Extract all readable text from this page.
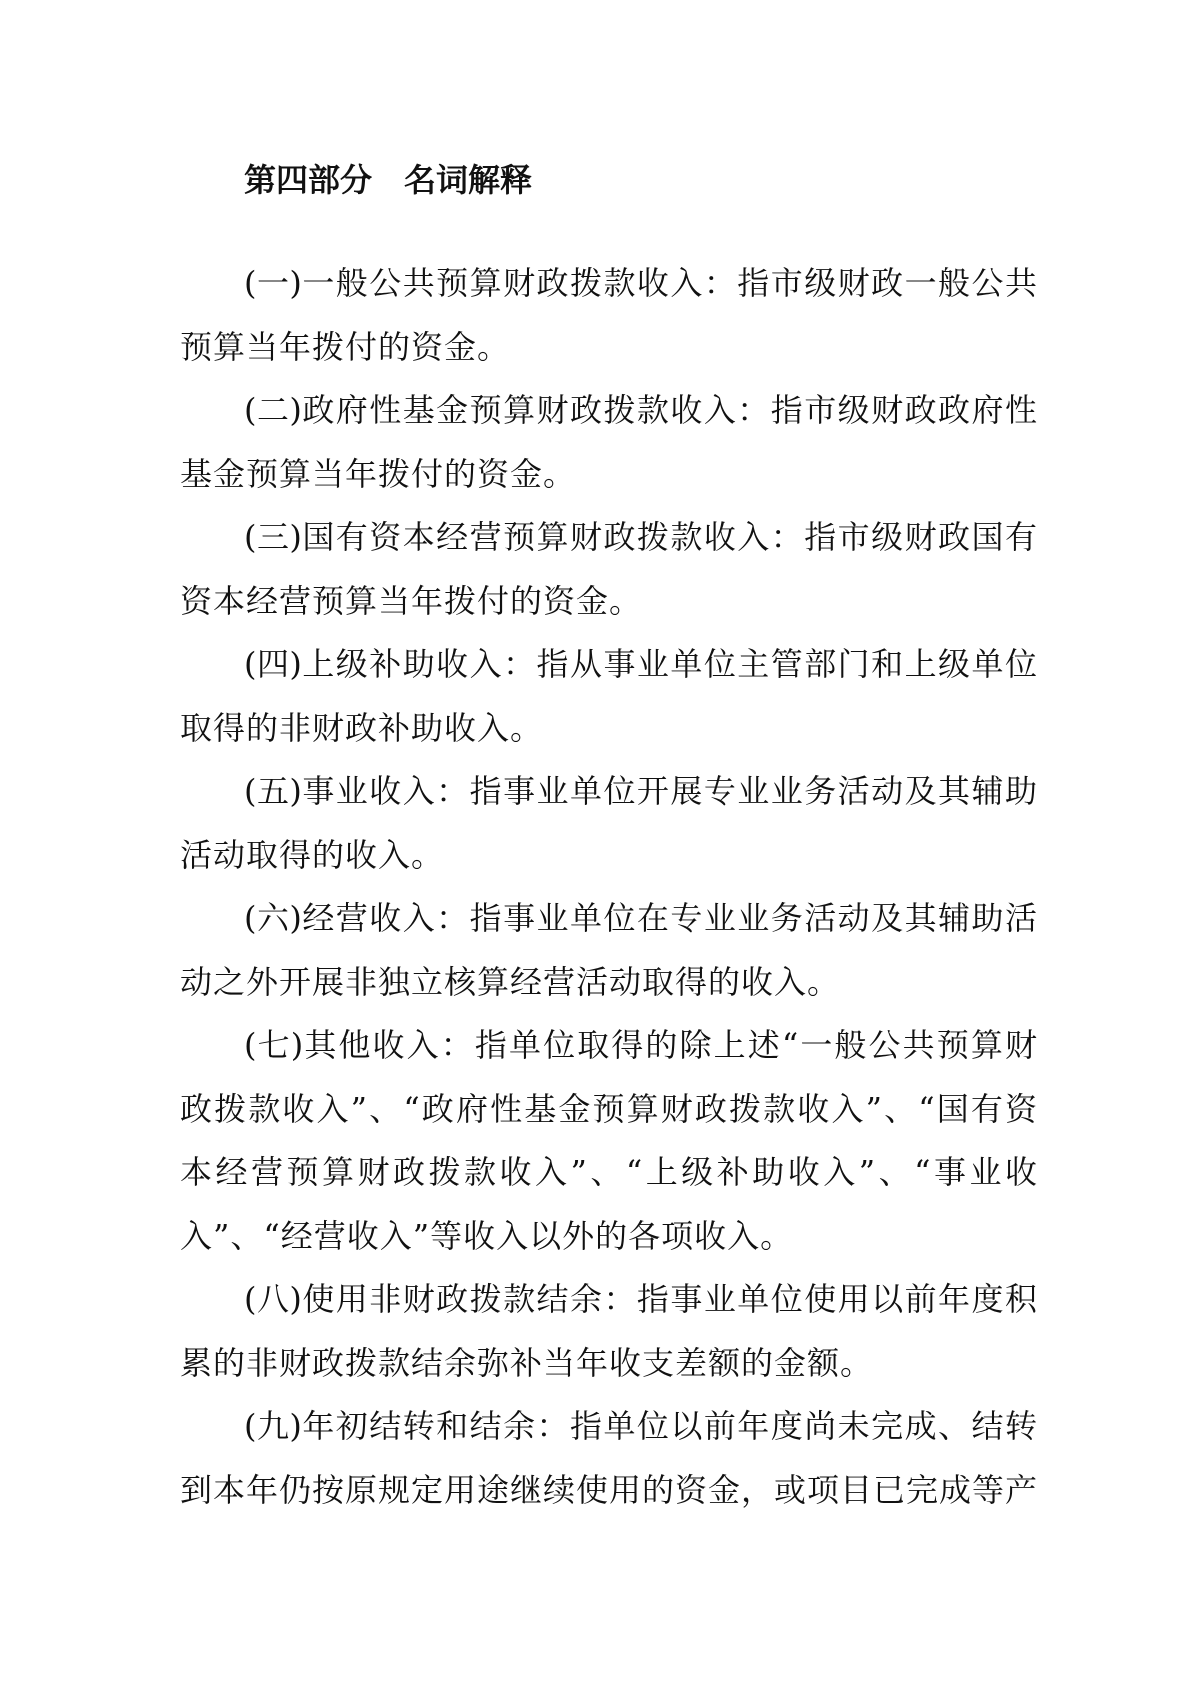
第四部分　名词解释

(一)一般公共预算财政拨款收入：指市级财政一般公共预算当年拨付的资金。

(二)政府性基金预算财政拨款收入：指市级财政政府性基金预算当年拨付的资金。

(三)国有资本经营预算财政拨款收入：指市级财政国有资本经营预算当年拨付的资金。

(四)上级补助收入：指从事业单位主管部门和上级单位取得的非财政补助收入。

(五)事业收入：指事业单位开展专业业务活动及其辅助活动取得的收入。

(六)经营收入：指事业单位在专业业务活动及其辅助活动之外开展非独立核算经营活动取得的收入。

(七)其他收入：指单位取得的除上述“一般公共预算财政拨款收入”、“政府性基金预算财政拨款收入”、“国有资本经营预算财政拨款收入”、“上级补助收入”、“事业收入”、“经营收入”等收入以外的各项收入。

(八)使用非财政拨款结余：指事业单位使用以前年度积累的非财政拨款结余弥补当年收支差额的金额。

(九)年初结转和结余：指单位以前年度尚未完成、结转到本年仍按原规定用途继续使用的资金，或项目已完成等产
